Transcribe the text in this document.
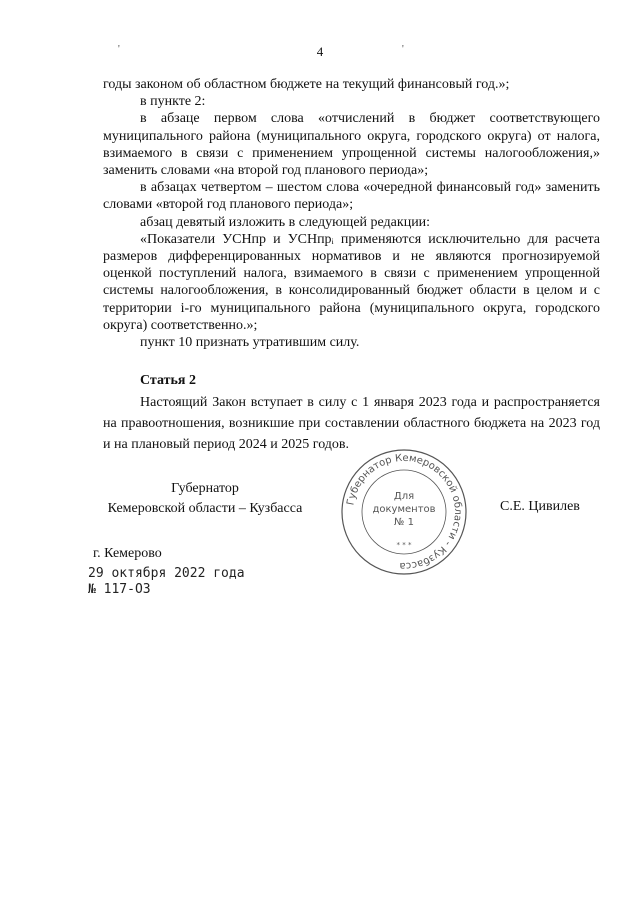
4
'	'

годы законом об областном бюджете на текущий финансовый год.»;

в пункте 2:

в абзаце первом слова «отчислений в бюджет соответствующего муниципального района (муниципального округа, городского округа) от налога, взимаемого в связи с применением упрощенной системы налогообложения,» заменить словами «на второй год планового периода»;

в абзацах четвертом – шестом слова «очередной финансовый год» заменить словами «второй год планового периода»;

абзац девятый изложить в следующей редакции:

«Показатели УСНпр и УСНпрᵢ применяются исключительно для расчета размеров дифференцированных нормативов и не являются прогнозируемой оценкой поступлений налога, взимаемого в связи с применением упрощенной системы налогообложения, в консолидированный бюджет области в целом и с территории i-го муниципального района (муниципального округа, городского округа) соответственно.»;

пункт 10 признать утратившим силу.

Статья 2
Настоящий Закон вступает в силу с 1 января 2023 года и распространяется на правоотношения, возникшие при составлении областного бюджета на 2023 год и на плановый период 2024 и 2025 годов.
Губернатор
Кемеровской области – Кузбасса	С.Е. Цивилев
Губернатор Кемеровской области - Кузбасса
Для
документов
№ 1
* * *
г. Кемерово
29 октября 2022 года
№ 117-ОЗ
